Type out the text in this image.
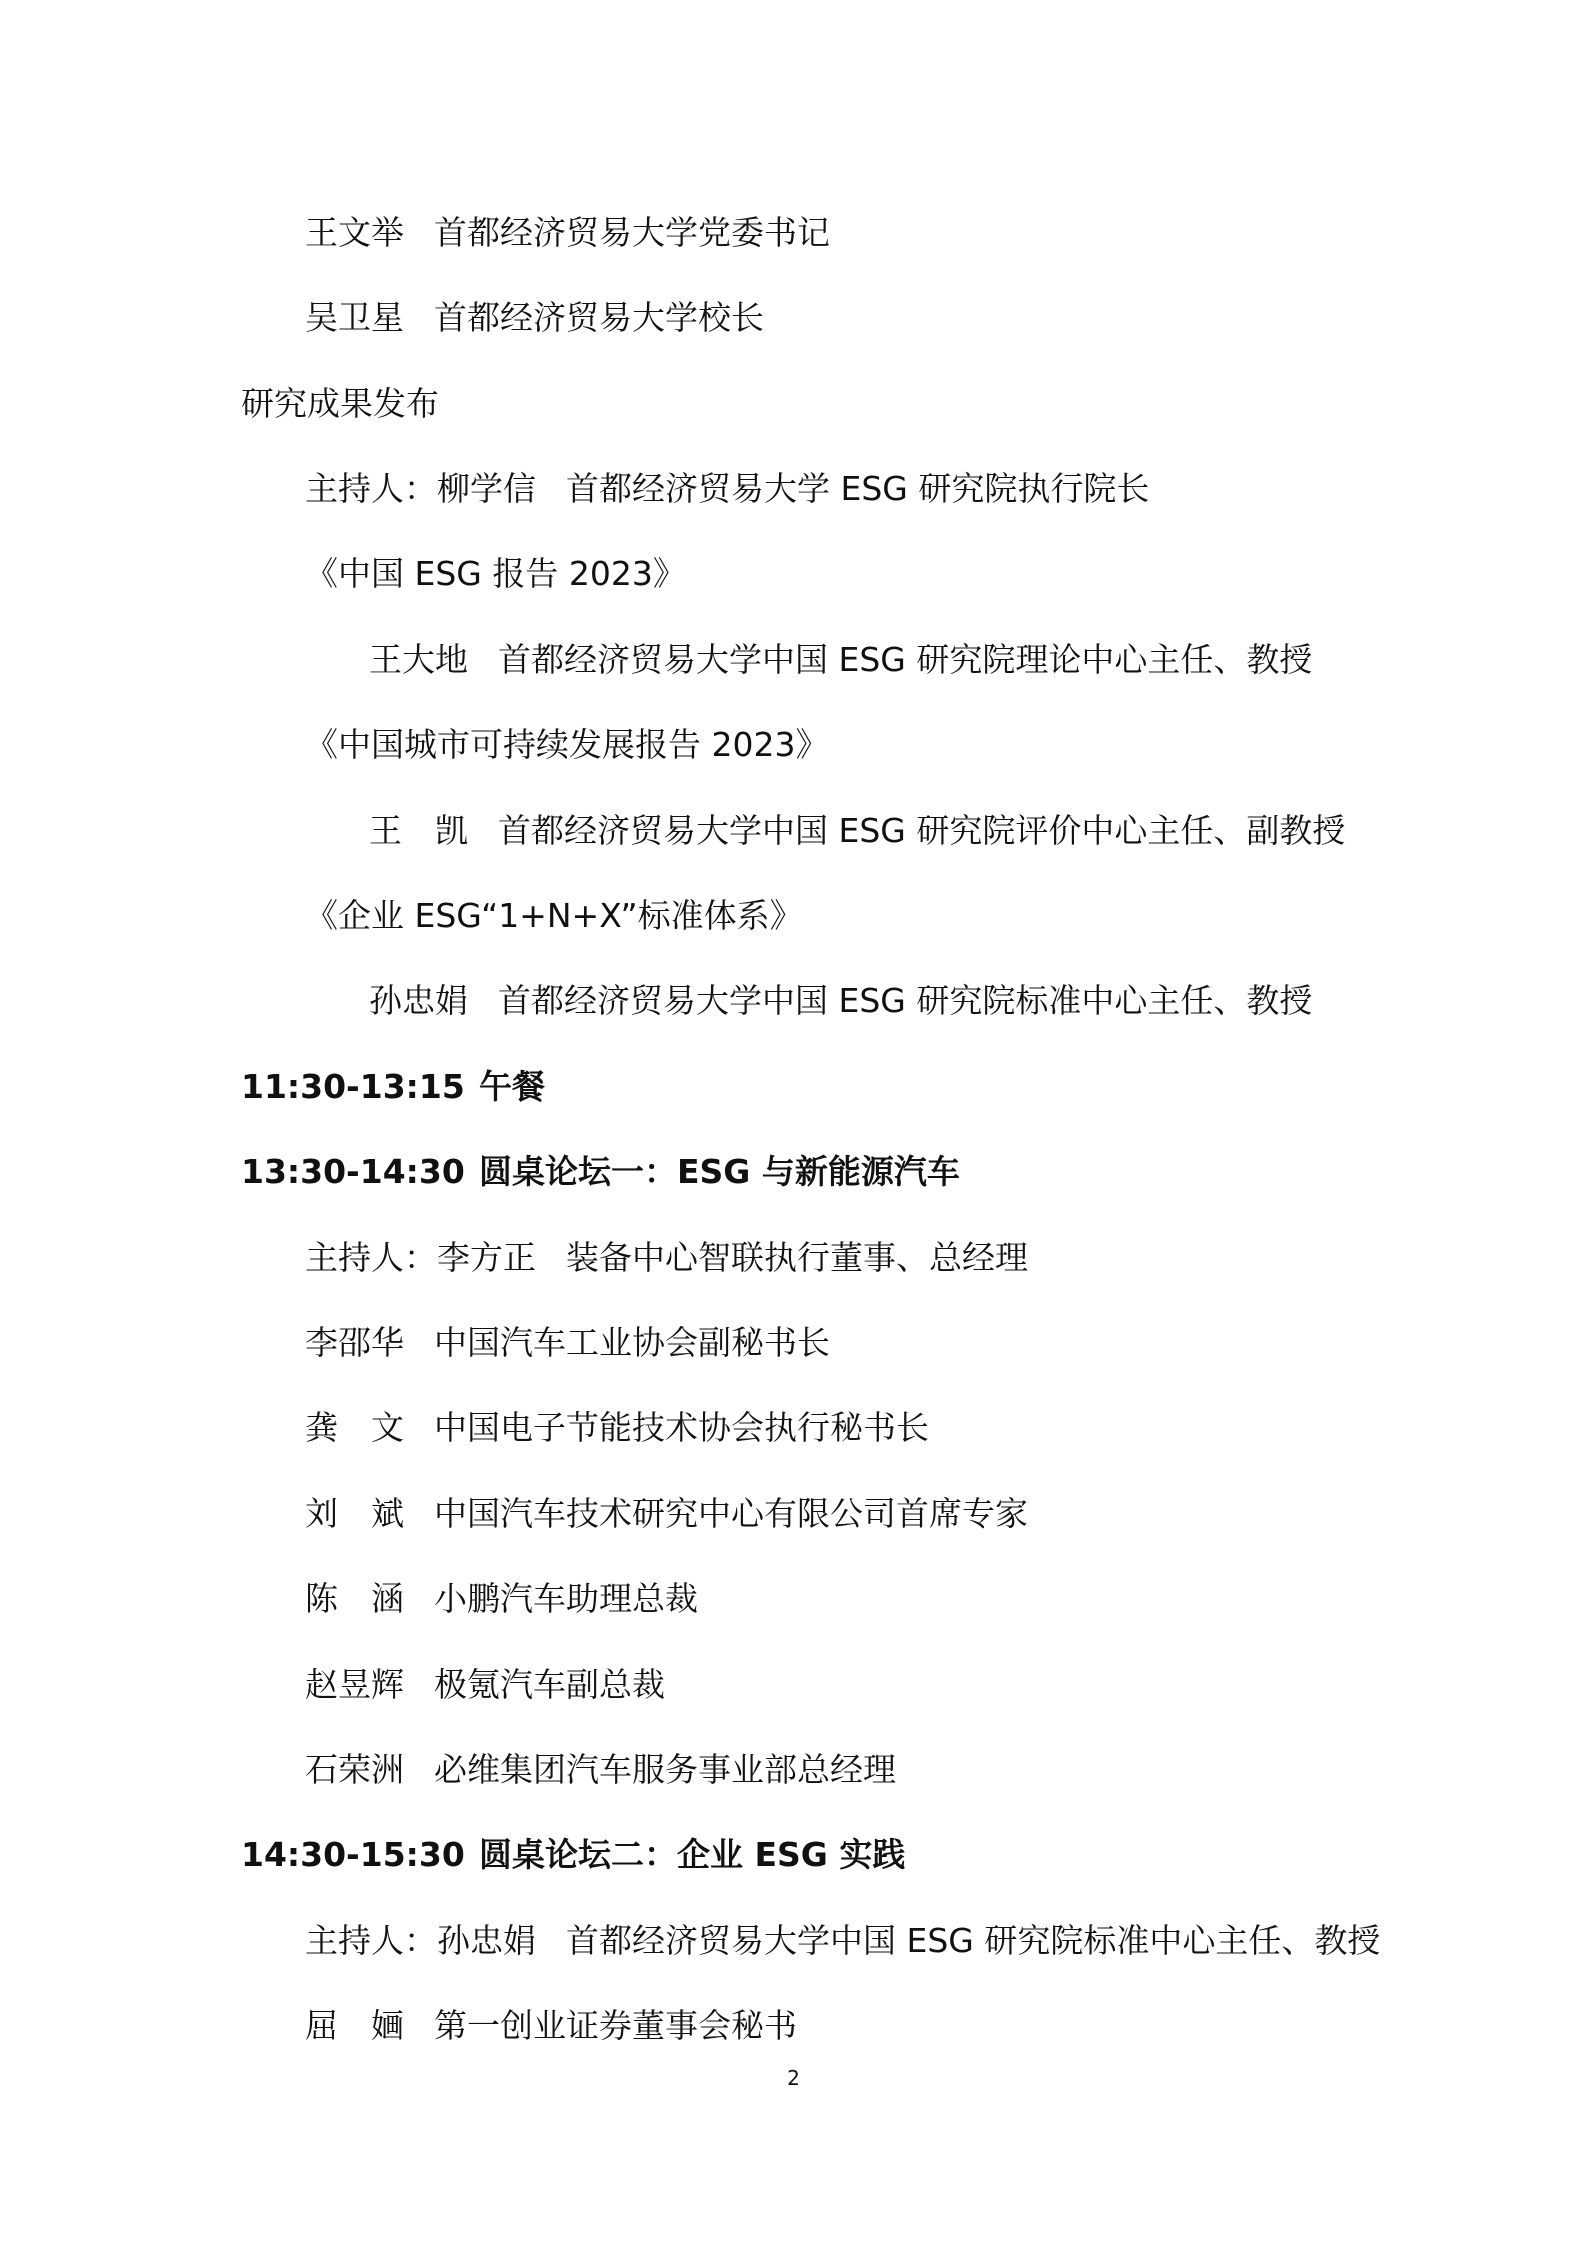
王文举 首都经济贸易大学党委书记
吴卫星 首都经济贸易大学校长
研究成果发布
主持人：柳学信 首都经济贸易大学 ESG 研究院执行院长
《中国 ESG 报告 2023》
王大地 首都经济贸易大学中国 ESG 研究院理论中心主任、教授
《中国城市可持续发展报告 2023》
王　凯 首都经济贸易大学中国 ESG 研究院评价中心主任、副教授
《企业 ESG“1+N+X”标准体系》
孙忠娟 首都经济贸易大学中国 ESG 研究院标准中心主任、教授
11:30-13:15 午餐
13:30-14:30 圆桌论坛一：ESG 与新能源汽车
主持人：李方正 装备中心智联执行董事、总经理
李邵华 中国汽车工业协会副秘书长
龚　文 中国电子节能技术协会执行秘书长
刘　斌 中国汽车技术研究中心有限公司首席专家
陈　涵 小鹏汽车助理总裁
赵昱辉 极氪汽车副总裁
石荣洲 必维集团汽车服务事业部总经理
14:30-15:30 圆桌论坛二：企业 ESG 实践
主持人：孙忠娟 首都经济贸易大学中国 ESG 研究院标准中心主任、教授
屈　婳 第一创业证券董事会秘书
2
